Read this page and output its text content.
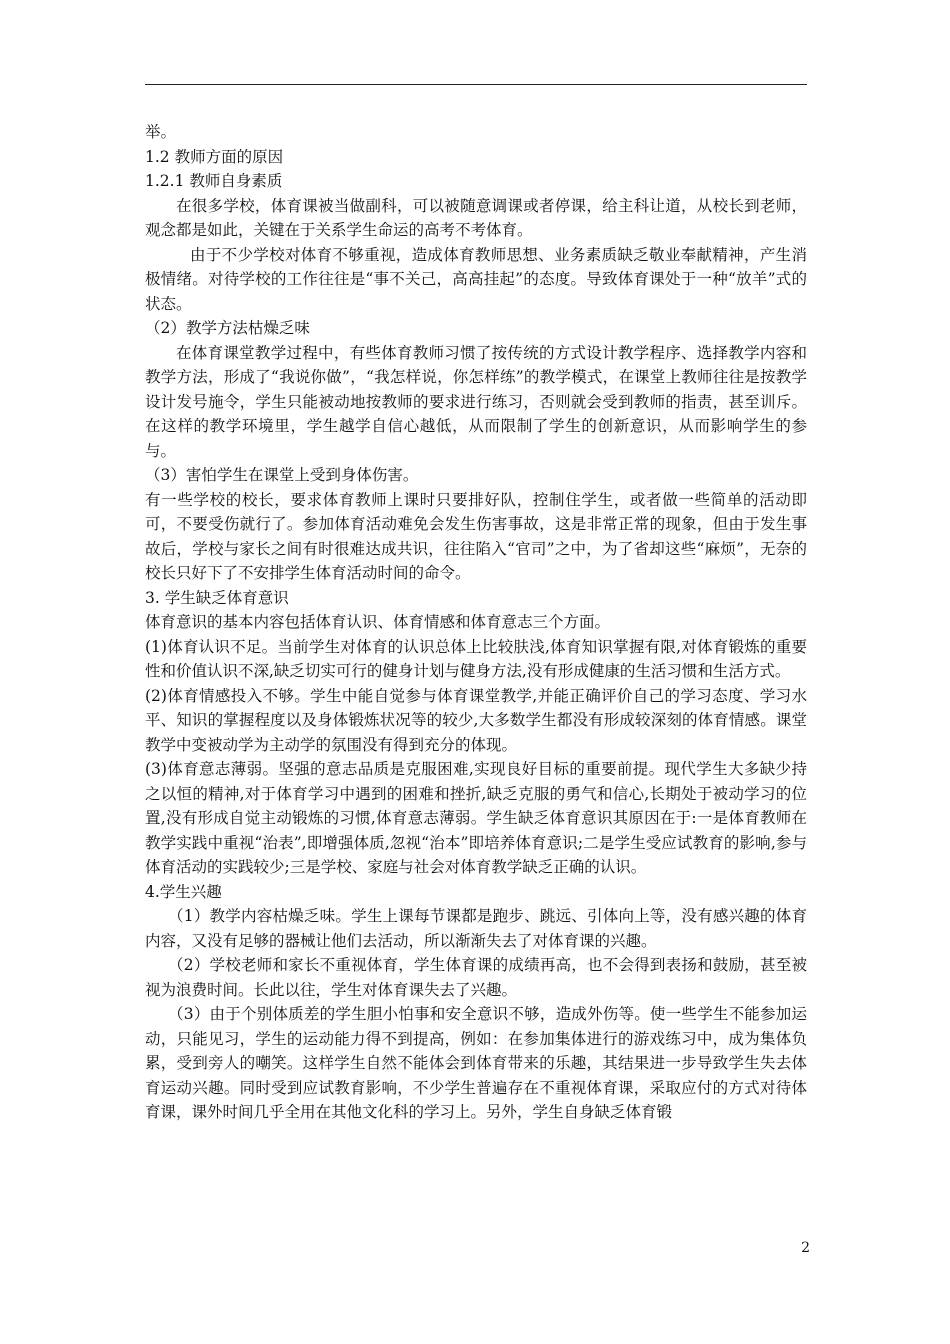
举。

1.2 教师方面的原因

1.2.1 教师自身素质

在很多学校，体育课被当做副科，可以被随意调课或者停课，给主科让道，从校长到老师，观念都是如此，关键在于关系学生命运的高考不考体育。

由于不少学校对体育不够重视，造成体育教师思想、业务素质缺乏敬业奉献精神，产生消极情绪。对待学校的工作往往是“事不关己，高高挂起”的态度。导致体育课处于一种“放羊”式的状态。

（2）教学方法枯燥乏味

在体育课堂教学过程中，有些体育教师习惯了按传统的方式设计教学程序、选择教学内容和教学方法，形成了“我说你做”，“我怎样说，你怎样练”的教学模式，在课堂上教师往往是按教学设计发号施令，学生只能被动地按教师的要求进行练习，否则就会受到教师的指责，甚至训斥。在这样的教学环境里，学生越学自信心越低，从而限制了学生的创新意识，从而影响学生的参与。

（3）害怕学生在课堂上受到身体伤害。

有一些学校的校长，要求体育教师上课时只要排好队，控制住学生，或者做一些简单的活动即可，不要受伤就行了。参加体育活动难免会发生伤害事故，这是非常正常的现象，但由于发生事故后，学校与家长之间有时很难达成共识，往往陷入“官司”之中，为了省却这些“麻烦”，无奈的校长只好下了不安排学生体育活动时间的命令。

3. 学生缺乏体育意识

体育意识的基本内容包括体育认识、体育情感和体育意志三个方面。

(1)体育认识不足。当前学生对体育的认识总体上比较肤浅,体育知识掌握有限,对体育锻炼的重要性和价值认识不深,缺乏切实可行的健身计划与健身方法,没有形成健康的生活习惯和生活方式。

(2)体育情感投入不够。学生中能自觉参与体育课堂教学,并能正确评价自己的学习态度、学习水平、知识的掌握程度以及身体锻炼状况等的较少,大多数学生都没有形成较深刻的体育情感。课堂教学中变被动学为主动学的氛围没有得到充分的体现。

(3)体育意志薄弱。坚强的意志品质是克服困难,实现良好目标的重要前提。现代学生大多缺少持之以恒的精神,对于体育学习中遇到的困难和挫折,缺乏克服的勇气和信心,长期处于被动学习的位置,没有形成自觉主动锻炼的习惯,体育意志薄弱。学生缺乏体育意识其原因在于:一是体育教师在教学实践中重视“治表”,即增强体质,忽视“治本”即培养体育意识;二是学生受应试教育的影响,参与体育活动的实践较少;三是学校、家庭与社会对体育教学缺乏正确的认识。

4.学生兴趣

（1）教学内容枯燥乏味。学生上课每节课都是跑步、跳远、引体向上等，没有感兴趣的体育内容，又没有足够的器械让他们去活动，所以渐渐失去了对体育课的兴趣。

（2）学校老师和家长不重视体育，学生体育课的成绩再高，也不会得到表扬和鼓励，甚至被视为浪费时间。长此以往，学生对体育课失去了兴趣。

（3）由于个别体质差的学生胆小怕事和安全意识不够，造成外伤等。使一些学生不能参加运动，只能见习，学生的运动能力得不到提高，例如：在参加集体进行的游戏练习中，成为集体负累，受到旁人的嘲笑。这样学生自然不能体会到体育带来的乐趣，其结果进一步导致学生失去体育运动兴趣。同时受到应试教育影响，不少学生普遍存在不重视体育课，采取应付的方式对待体育课，课外时间几乎全用在其他文化科的学习上。另外，学生自身缺乏体育锻

2
